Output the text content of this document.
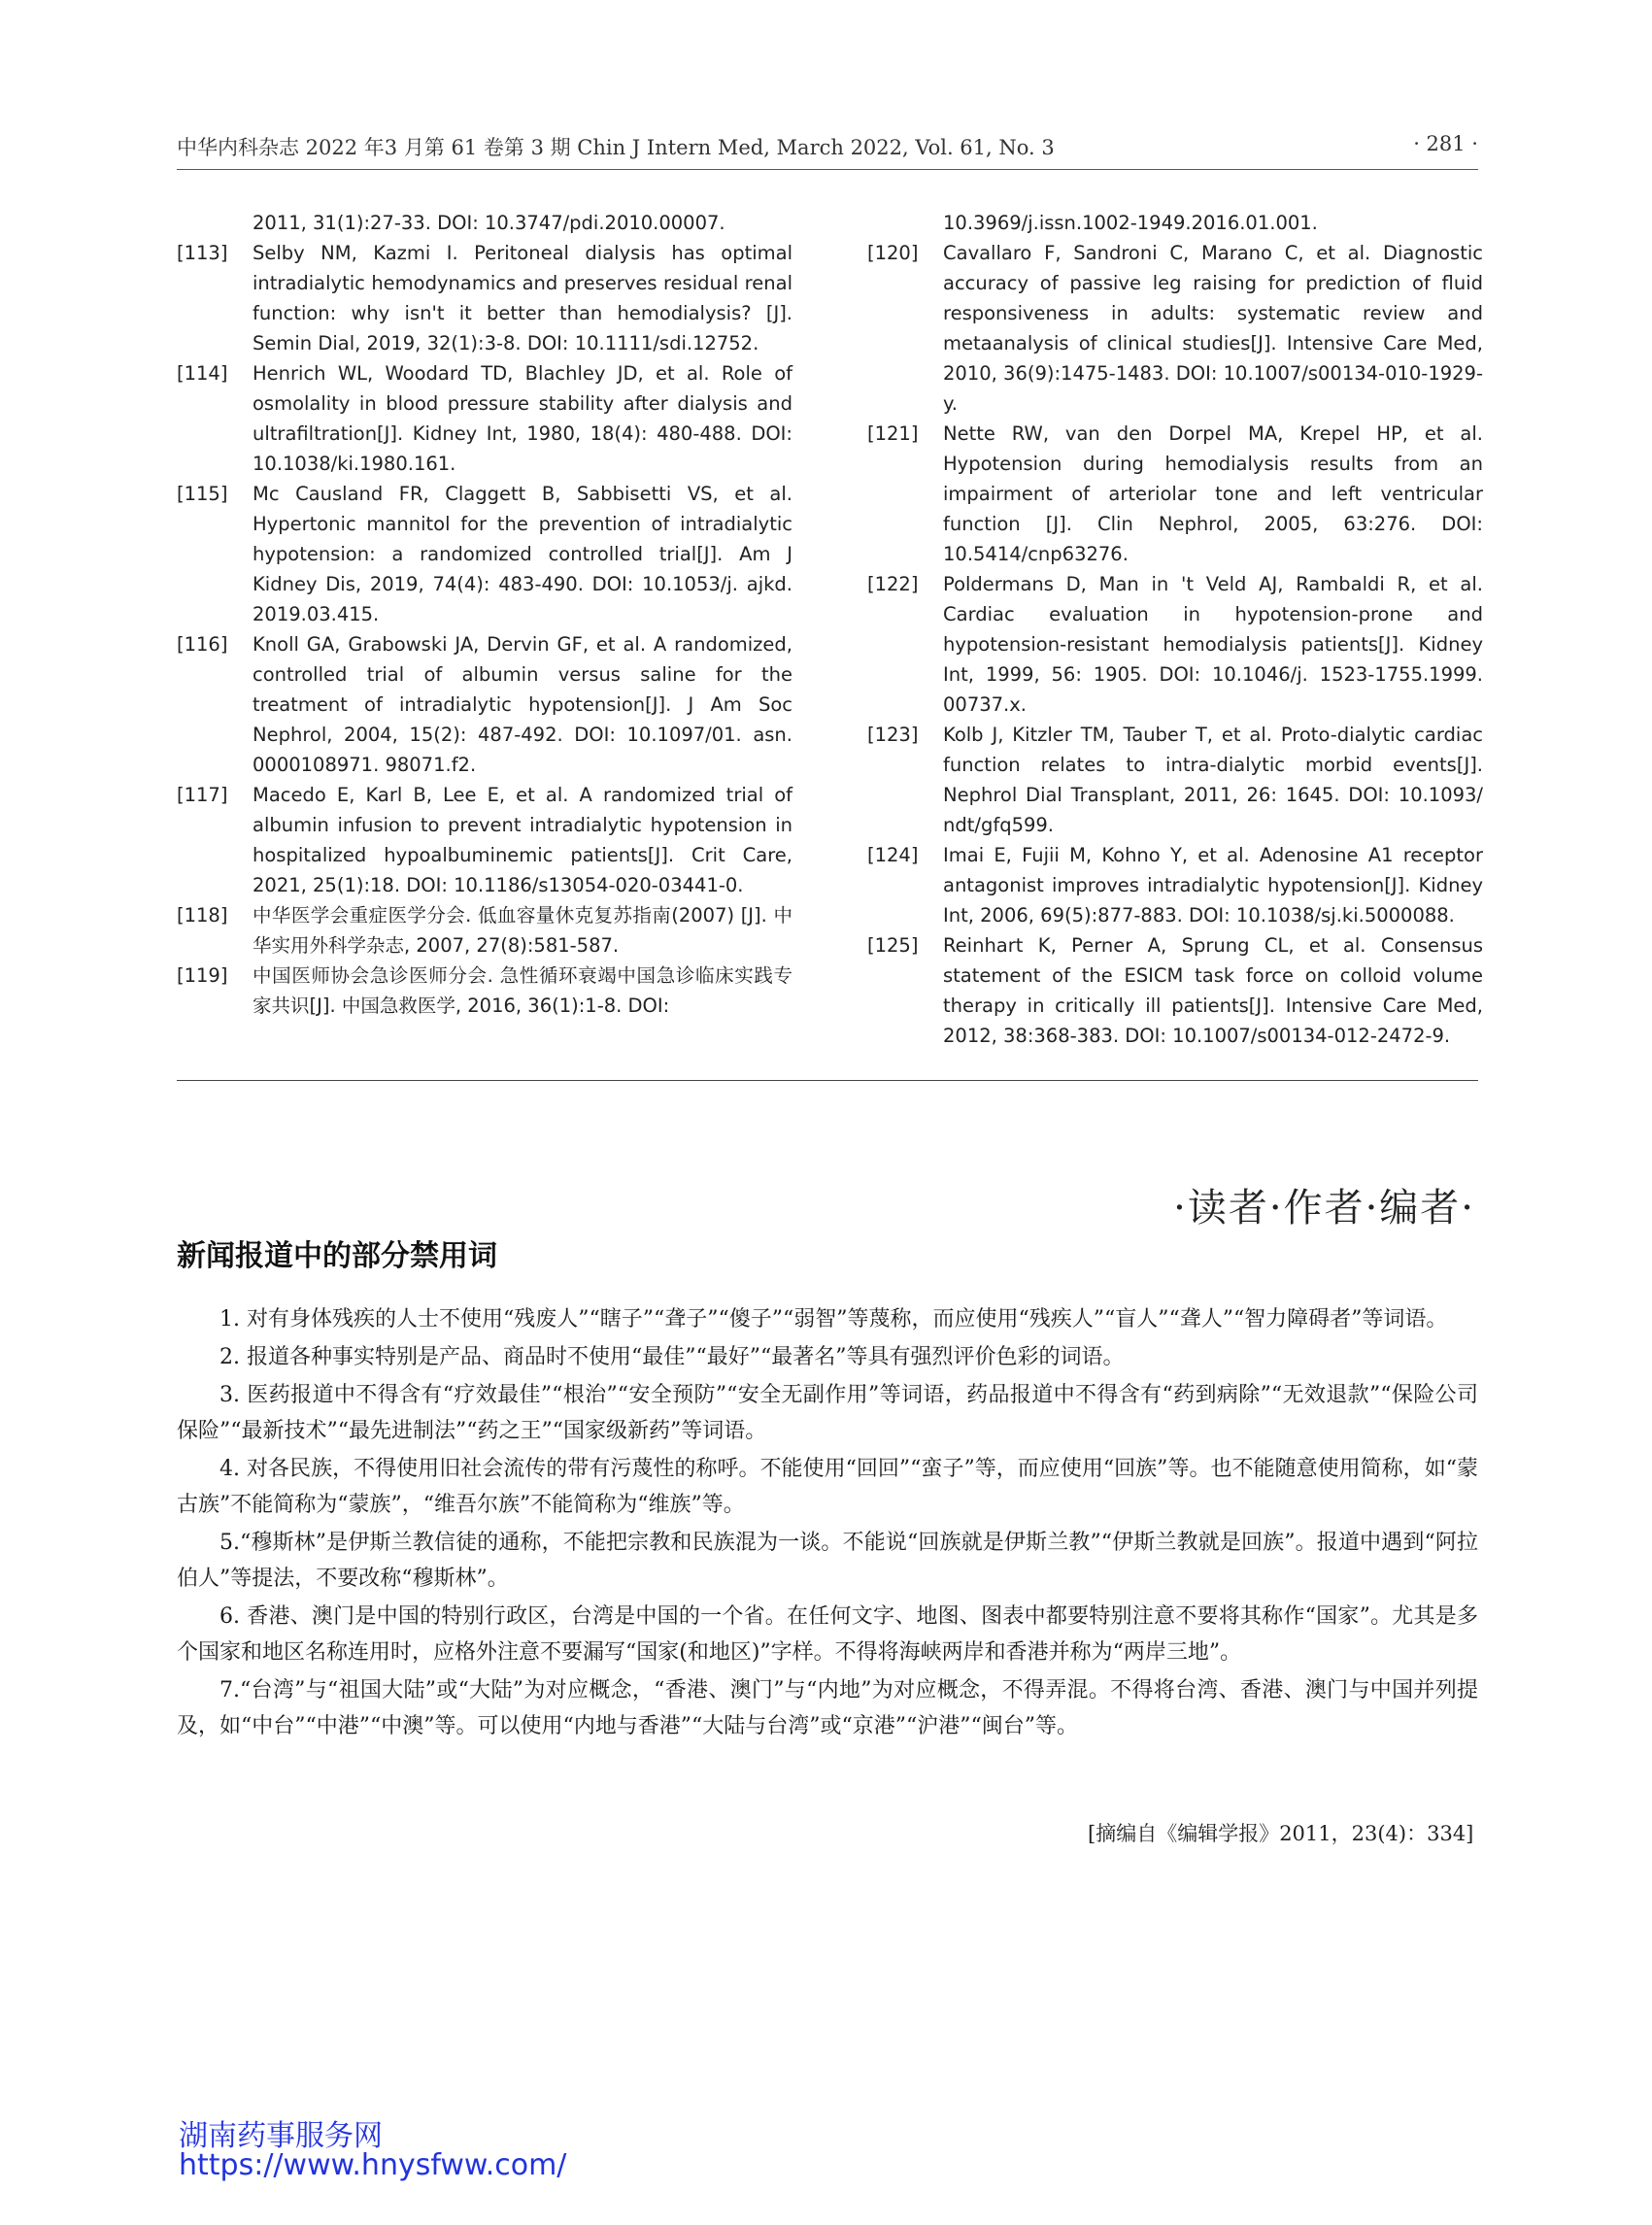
中华内科杂志 2022 年3 月第 61 卷第 3 期 Chin J Intern Med, March 2022, Vol. 61, No. 3	· 281 ·

2011, 31(1):27-33. DOI: 10.3747/pdi.2010.00007.

[113] Selby NM, Kazmi I. Peritoneal dialysis has optimal intradialytic hemodynamics and preserves residual renal function: why isn't it better than hemodialysis? [J]. Semin Dial, 2019, 32(1):3-8. DOI: 10.1111/sdi.12752.

[114] Henrich WL, Woodard TD, Blachley JD, et al. Role of osmolality in blood pressure stability after dialysis and ultrafiltration[J]. Kidney Int, 1980, 18(4): 480-488. DOI: 10.1038/ki.1980.161.

[115] Mc Causland FR, Claggett B, Sabbisetti VS, et al. Hypertonic mannitol for the prevention of intradialytic hypotension: a randomized controlled trial[J]. Am J Kidney Dis, 2019, 74(4): 483-490. DOI: 10.1053/j. ajkd. 2019.03.415.

[116] Knoll GA, Grabowski JA, Dervin GF, et al. A randomized, controlled trial of albumin versus saline for the treatment of intradialytic hypotension[J]. J Am Soc Nephrol, 2004, 15(2): 487-492. DOI: 10.1097/01. asn. 0000108971. 98071.f2.

[117] Macedo E, Karl B, Lee E, et al. A randomized trial of albumin infusion to prevent intradialytic hypotension in hospitalized hypoalbuminemic patients[J]. Crit Care, 2021, 25(1):18. DOI: 10.1186/s13054-020-03441-0.

[118] 中华医学会重症医学分会. 低血容量休克复苏指南(2007) [J]. 中华实用外科学杂志, 2007, 27(8):581-587.

[119] 中国医师协会急诊医师分会. 急性循环衰竭中国急诊临床实践专家共识[J]. 中国急救医学, 2016, 36(1):1-8. DOI:

10.3969/j.issn.1002-1949.2016.01.001.

[120] Cavallaro F, Sandroni C, Marano C, et al. Diagnostic accuracy of passive leg raising for prediction of fluid responsiveness in adults: systematic review and metaanalysis of clinical studies[J]. Intensive Care Med, 2010, 36(9):1475-1483. DOI: 10.1007/s00134-010-1929-y.

[121] Nette RW, van den Dorpel MA, Krepel HP, et al. Hypotension during hemodialysis results from an impairment of arteriolar tone and left ventricular function [J]. Clin Nephrol, 2005, 63:276. DOI: 10.5414/cnp63276.

[122] Poldermans D, Man in 't Veld AJ, Rambaldi R, et al. Cardiac evaluation in hypotension-prone and hypotension-resistant hemodialysis patients[J]. Kidney Int, 1999, 56: 1905. DOI: 10.1046/j. 1523-1755.1999. 00737.x.

[123] Kolb J, Kitzler TM, Tauber T, et al. Proto-dialytic cardiac function relates to intra-dialytic morbid events[J]. Nephrol Dial Transplant, 2011, 26: 1645. DOI: 10.1093/ ndt/gfq599.

[124] Imai E, Fujii M, Kohno Y, et al. Adenosine A1 receptor antagonist improves intradialytic hypotension[J]. Kidney Int, 2006, 69(5):877-883. DOI: 10.1038/sj.ki.5000088.

[125] Reinhart K, Perner A, Sprung CL, et al. Consensus statement of the ESICM task force on colloid volume therapy in critically ill patients[J]. Intensive Care Med, 2012, 38:368-383. DOI: 10.1007/s00134-012-2472-9.

·读者·作者·编者·
新闻报道中的部分禁用词

1. 对有身体残疾的人士不使用“残废人”“瞎子”“聋子”“傻子”“弱智”等蔑称，而应使用“残疾人”“盲人”“聋人”“智力障碍者”等词语。

2. 报道各种事实特别是产品、商品时不使用“最佳”“最好”“最著名”等具有强烈评价色彩的词语。

3. 医药报道中不得含有“疗效最佳”“根治”“安全预防”“安全无副作用”等词语，药品报道中不得含有“药到病除”“无效退款”“保险公司保险”“最新技术”“最先进制法”“药之王”“国家级新药”等词语。

4. 对各民族，不得使用旧社会流传的带有污蔑性的称呼。不能使用“回回”“蛮子”等，而应使用“回族”等。也不能随意使用简称，如“蒙古族”不能简称为“蒙族”，“维吾尔族”不能简称为“维族”等。

5.“穆斯林”是伊斯兰教信徒的通称，不能把宗教和民族混为一谈。不能说“回族就是伊斯兰教”“伊斯兰教就是回族”。报道中遇到“阿拉伯人”等提法，不要改称“穆斯林”。

6. 香港、澳门是中国的特别行政区，台湾是中国的一个省。在任何文字、地图、图表中都要特别注意不要将其称作“国家”。尤其是多个国家和地区名称连用时，应格外注意不要漏写“国家(和地区)”字样。不得将海峡两岸和香港并称为“两岸三地”。

7.“台湾”与“祖国大陆”或“大陆”为对应概念，“香港、澳门”与“内地”为对应概念，不得弄混。不得将台湾、香港、澳门与中国并列提及，如“中台”“中港”“中澳”等。可以使用“内地与香港”“大陆与台湾”或“京港”“沪港”“闽台”等。

[摘编自《编辑学报》2011，23(4)：334]
湖南药事服务网
https://www.hnysfww.com/
